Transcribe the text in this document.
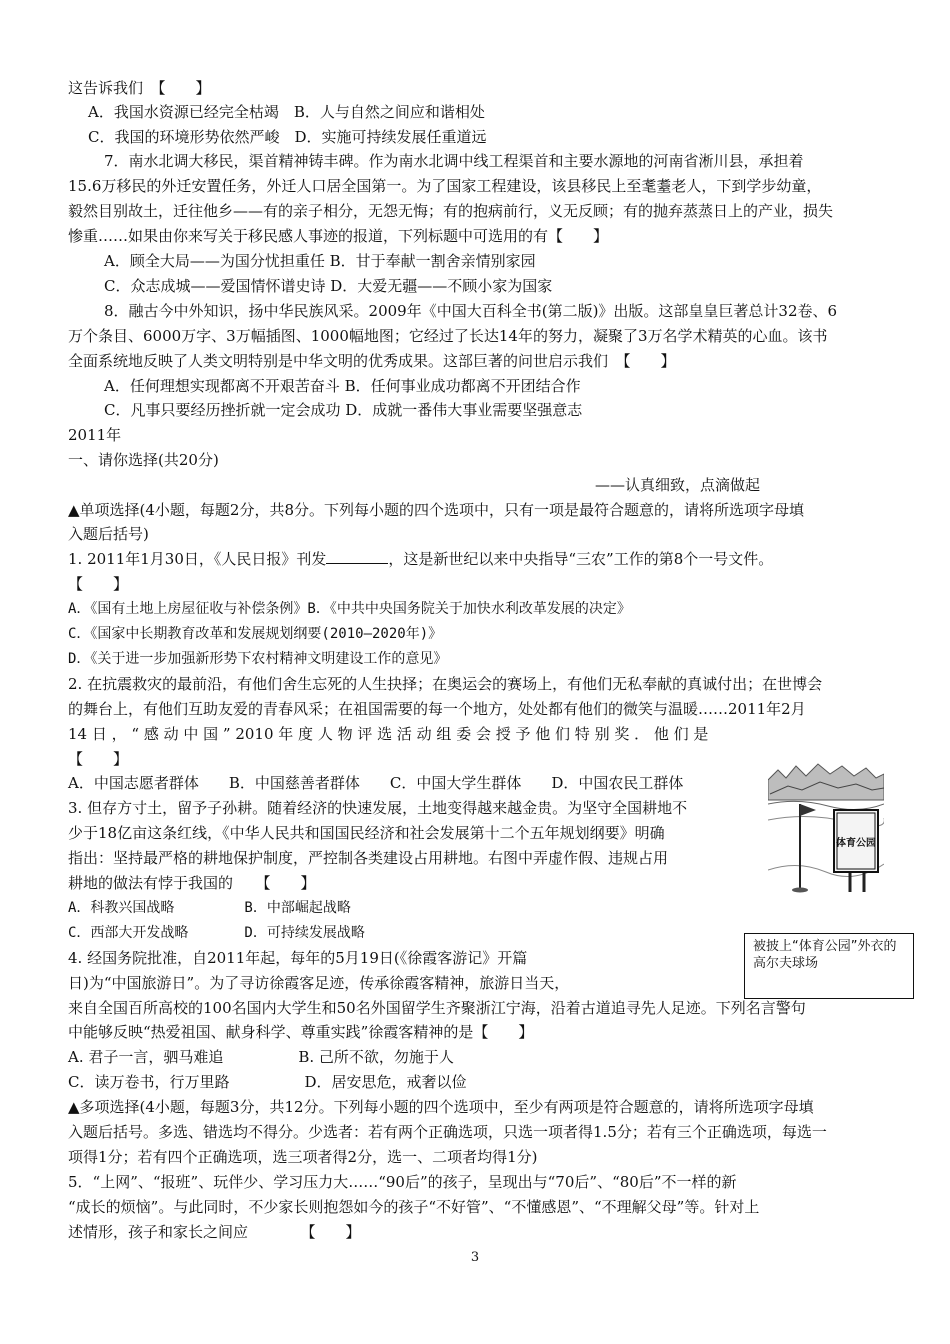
这告诉我们　【　　】
A．我国水资源已经完全枯竭　B．人与自然之间应和谐相处
C．我国的环境形势依然严峻　D．实施可持续发展任重道远
7．南水北调大移民，渠首精神铸丰碑。作为南水北调中线工程渠首和主要水源地的河南省淅川县，承担着
15.6万移民的外迁安置任务，外迁人口居全国第一。为了国家工程建设，该县移民上至耄耋老人，下到学步幼童，
毅然目别故土，迁往他乡——有的亲子相分，无怨无悔；有的抱病前行，义无反顾；有的抛弃蒸蒸日上的产业，损失
惨重……如果由你来写关于移民感人事迹的报道，下列标题中可选用的有【　　】
A．顾全大局——为国分忧担重任 B．甘于奉献一割舍亲情别家园
C．众志成城——爱国情怀谱史诗 D．大爱无疆——不顾小家为国家
8．融古今中外知识，扬中华民族风采。2009年《中国大百科全书(第二版)》出版。这部皇皇巨著总计32卷、6
万个条目、6000万字、3万幅插图、1000幅地图；它经过了长达14年的努力，凝聚了3万名学术精英的心血。该书
全面系统地反映了人类文明特别是中华文明的优秀成果。这部巨著的问世启示我们　【　　】
A．任何理想实现都离不开艰苦奋斗 B．任何事业成功都离不开团结合作
C．凡事只要经历挫折就一定会成功 D．成就一番伟大事业需要坚强意志
2011年
一、请你选择(共20分)
——认真细致，点滴做起
▲单项选择(4小题，每题2分，共8分。下列每小题的四个选项中，只有一项是最符合题意的，请将所选项字母填
入题后括号)
1. 2011年1月30日，《人民日报》刊发	，这是新世纪以来中央指导“三农”工作的第8个一号文件。
【　　】
A．《国有土地上房屋征收与补偿条例》B．《中共中央国务院关于加快水利改革发展的决定》
C．《国家中长期教育改革和发展规划纲要(2010—2020年)》
D．《关于进一步加强新形势下农村精神文明建设工作的意见》
2. 在抗震救灾的最前沿，有他们舍生忘死的人生抉择；在奥运会的赛场上，有他们无私奉献的真诚付出；在世博会
的舞台上，有他们互助友爱的青春风采；在祖国需要的每一个地方，处处都有他们的微笑与温暖……2011年2月
14 日 ， “ 感 动 中 国 ” 2010 年 度 人 物 评 选 活 动 组 委 会 授 予 他 们 特 别 奖 ． 他 们 是
【　　】
A．中国志愿者群体　　B．中国慈善者群体　　C．中国大学生群体　　D．中国农民工群体
3. 但存方寸土，留予子孙耕。随着经济的快速发展，土地变得越来越金贵。为坚守全国耕地不
少于18亿亩这条红线，《中华人民共和国国民经济和社会发展第十二个五年规划纲要》明确
指出：坚持最严格的耕地保护制度，严控制各类建设占用耕地。右图中弄虚作假、违规占用
耕地的做法有悖于我国的　　【　　】
A．科教兴国战略　　　　　B．中部崛起战略
C．西部大开发战略　　　　D．可持续发展战略
4. 经国务院批准，自2011年起，每年的5月19日(《徐霞客游记》开篇
日)为“中国旅游日”。为了寻访徐霞客足迹，传承徐霞客精神，旅游日当天，
来自全国百所高校的100名国内大学生和50名外国留学生齐聚浙江宁海，沿着古道追寻先人足迹。下列名言警句
中能够反映“热爱祖国、献身科学、尊重实践”徐霞客精神的是【　　】
A. 君子一言，驷马难追　　　　　B. 己所不欲，勿施于人
C．读万卷书，行万里路　　　　　D．居安思危，戒奢以俭
▲多项选择(4小题，每题3分，共12分。下列每小题的四个选项中，至少有两项是符合题意的，请将所选项字母填
入题后括号。多选、错选均不得分。少选者：若有两个正确选项，只选一项者得1.5分；若有三个正确选项，每选一
项得1分；若有四个正确选项，选三项者得2分，选一、二项者均得1分)
5．“上网”、“报班”、玩伴少、学习压力大……“90后”的孩子，呈现出与“70后”、“80后”不一样的新
“成长的烦恼”。与此同时，不少家长则抱怨如今的孩子“不好管”、“不懂感恩”、“不理解父母”等。针对上
述情形，孩子和家长之间应　　　　【　　】
体育公园
被披上“体育公园”外衣的高尔夫球场
3
